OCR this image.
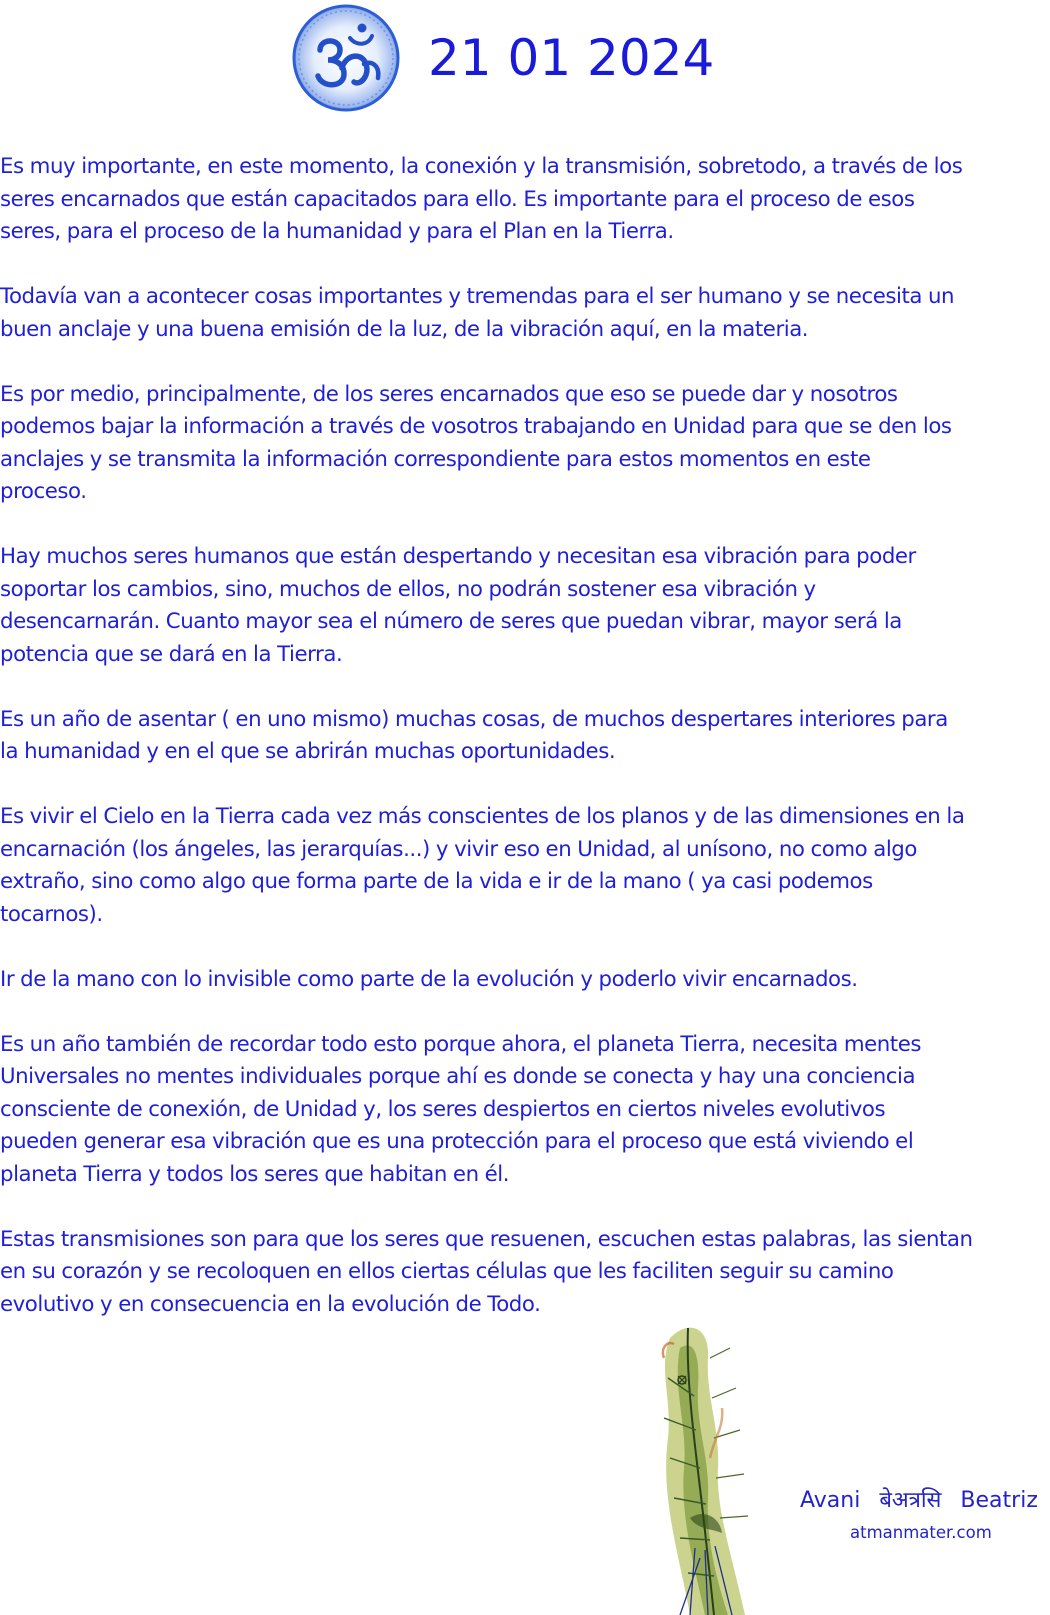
21 01 2024

Es muy importante, en este momento, la conexión y la transmisión, sobretodo, a través de los
seres encarnados que están capacitados para ello. Es importante para el proceso de esos
seres, para el proceso de la humanidad y para el Plan en la Tierra.

Todavía van a acontecer cosas importantes y tremendas para el ser humano y se necesita un
buen anclaje y una buena emisión de la luz, de la vibración aquí, en la materia.

Es por medio, principalmente, de los seres encarnados que eso se puede dar y nosotros
podemos bajar la información a través de vosotros trabajando en Unidad para que se den los
anclajes y se transmita la información correspondiente para estos momentos en este
proceso.

Hay muchos seres humanos que están despertando y necesitan esa vibración para poder
soportar los cambios, sino, muchos de ellos, no podrán sostener esa vibración y
desencarnarán. Cuanto mayor sea el número de seres que puedan vibrar, mayor será la
potencia que se dará en la Tierra.

Es un año de asentar ( en uno mismo) muchas cosas, de muchos despertares interiores para
la humanidad y en el que se abrirán muchas oportunidades.

Es vivir el Cielo en la Tierra cada vez más conscientes de los planos y de las dimensiones en la
encarnación (los ángeles, las jerarquías...) y vivir eso en Unidad, al unísono, no como algo
extraño, sino como algo que forma parte de la vida e ir de la mano ( ya casi podemos
tocarnos).

Ir de la mano con lo invisible como parte de la evolución y poderlo vivir encarnados.

Es un año también de recordar todo esto porque ahora, el planeta Tierra, necesita mentes
Universales no mentes individuales porque ahí es donde se conecta y hay una conciencia
consciente de conexión, de Unidad y, los seres despiertos en ciertos niveles evolutivos
pueden generar esa vibración que es una protección para el proceso que está viviendo el
planeta Tierra y todos los seres que habitan en él.

Estas transmisiones son para que los seres que resuenen, escuchen estas palabras, las sientan
en su corazón y se recoloquen en ellos ciertas células que les faciliten seguir su camino
evolutivo y en consecuencia en la evolución de Todo.

Avani बेअत्रसि Beatriz
atmanmater.com
